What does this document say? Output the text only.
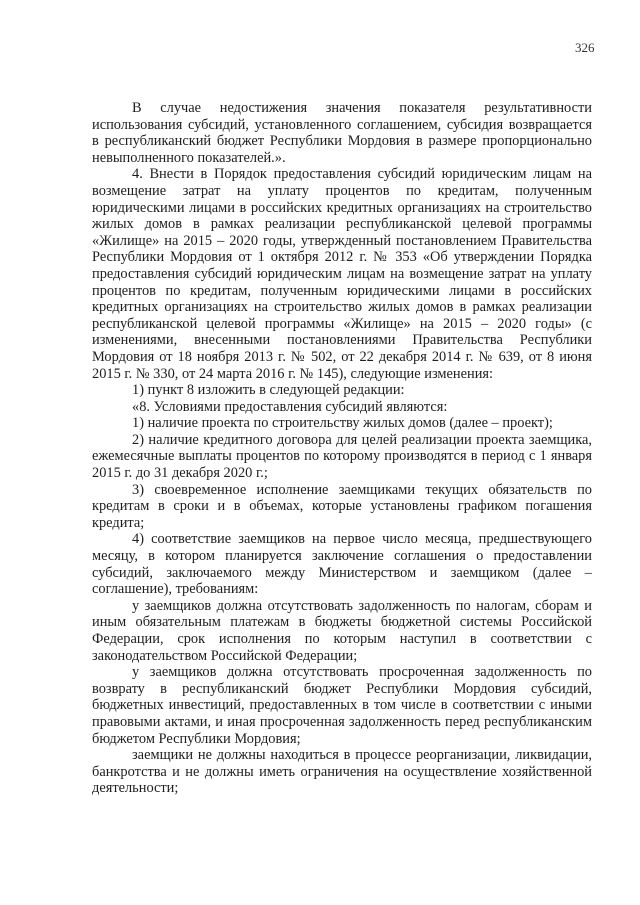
326

В случае недостижения значения показателя результативности использования субсидий, установленного соглашением, субсидия возвращается в республиканский бюджет Республики Мордовия в размере пропорционально невыполненного показателей.».

4. Внести в Порядок предоставления субсидий юридическим лицам на возмещение затрат на уплату процентов по кредитам, полученным юридическими лицами в российских кредитных организациях на строительство жилых домов в рамках реализации республиканской целевой программы «Жилище» на 2015 – 2020 годы, утвержденный постановлением Правительства Республики Мордовия от 1 октября 2012 г. № 353 «Об утверждении Порядка предоставления субсидий юридическим лицам на возмещение затрат на уплату процентов по кредитам, полученным юридическими лицами в российских кредитных организациях на строительство жилых домов в рамках реализации республиканской целевой программы «Жилище» на 2015 – 2020 годы» (с изменениями, внесенными постановлениями Правительства Республики Мордовия от 18 ноября 2013 г. № 502, от 22 декабря 2014 г. № 639, от 8 июня 2015 г. № 330, от 24 марта 2016 г. № 145), следующие изменения:

1) пункт 8 изложить в следующей редакции:

«8. Условиями предоставления субсидий являются:

1) наличие проекта по строительству жилых домов (далее – проект);

2) наличие кредитного договора для целей реализации проекта заемщика, ежемесячные выплаты процентов по которому производятся в период с 1 января 2015 г. до 31 декабря 2020 г.;

3) своевременное исполнение заемщиками текущих обязательств по кредитам в сроки и в объемах, которые установлены графиком погашения кредита;

4) соответствие заемщиков на первое число месяца, предшествующего месяцу, в котором планируется заключение соглашения о предоставлении субсидий, заключаемого между Министерством и заемщиком (далее – соглашение), требованиям:

у заемщиков должна отсутствовать задолженность по налогам, сборам и иным обязательным платежам в бюджеты бюджетной системы Российской Федерации, срок исполнения по которым наступил в соответствии с законодательством Российской Федерации;

у заемщиков должна отсутствовать просроченная задолженность по возврату в республиканский бюджет Республики Мордовия субсидий, бюджетных инвестиций, предоставленных в том числе в соответствии с иными правовыми актами, и иная просроченная задолженность перед республиканским бюджетом Республики Мордовия;

заемщики не должны находиться в процессе реорганизации, ликвидации, банкротства и не должны иметь ограничения на осуществление хозяйственной деятельности;
